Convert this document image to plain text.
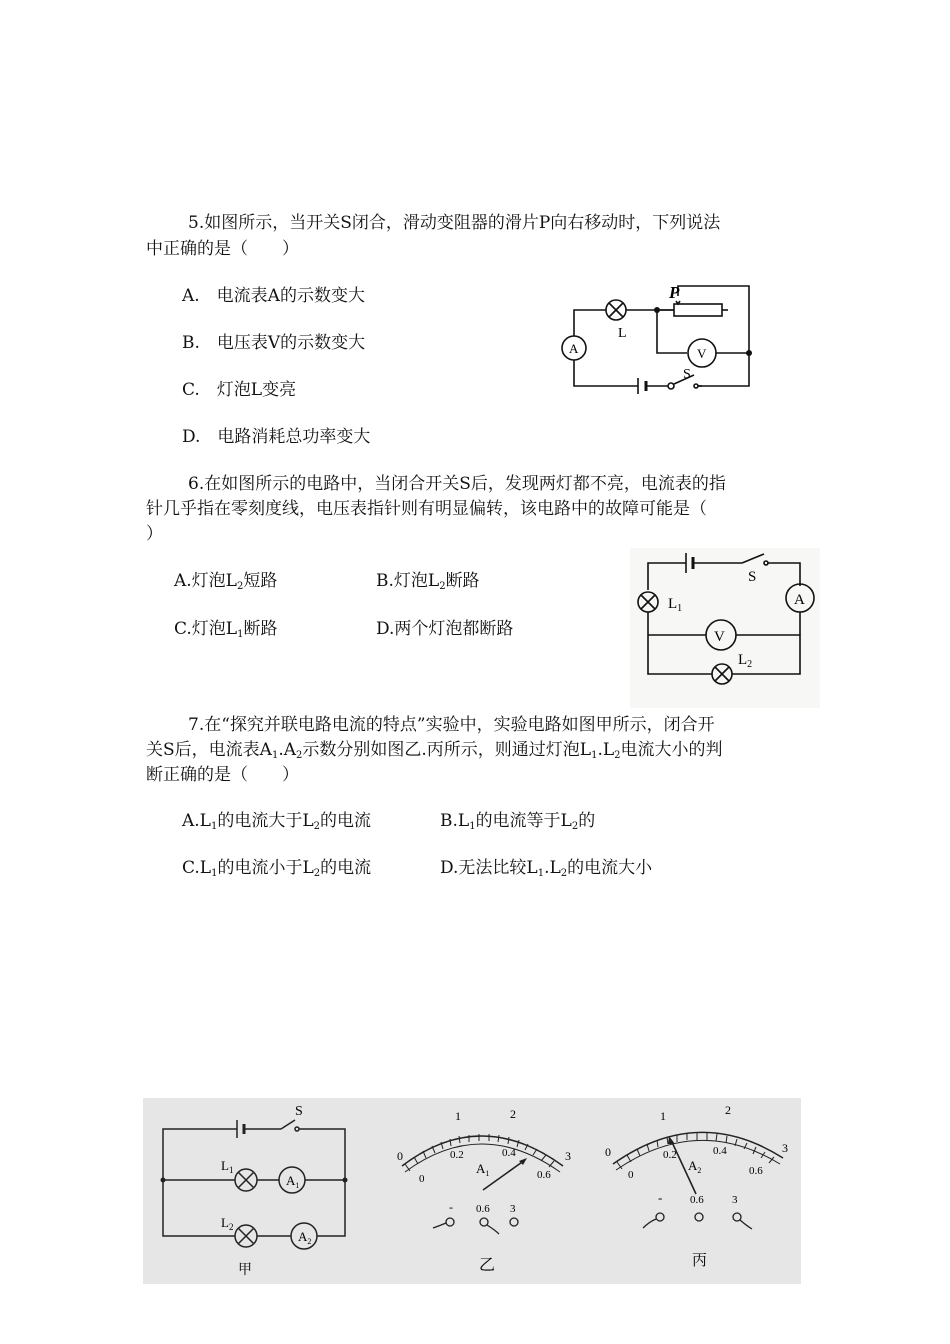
5.如图所示，当开关S闭合，滑动变阻器的滑片P向右移动时，下列说法
中正确的是（　　）
A.　电流表A的示数变大
B.　电压表V的示数变大
C.　灯泡L变亮
D.　电路消耗总功率变大
P
L
A	V
S
6.在如图所示的电路中，当闭合开关S后，发现两灯都不亮，电流表的指
针几乎指在零刻度线，电压表指针则有明显偏转，该电路中的故障可能是（
）
A.灯泡$L_2$短路	B.灯泡$L_2$断路
C.灯泡$L_1$断路	D.两个灯泡都断路
S
A
V
$L_1$
$L_2$
7.在“探究并联电路电流的特点”实验中，实验电路如图甲所示，闭合开
关S后，电流表$A_1.A_2$示数分别如图乙.丙所示，则通过灯泡$L_1.L_2$电流大小的判
断正确的是（　　）
$A.L_1$的电流大于$L_2$的电流	$B.L_1$的电流等于$L_2$的
$C.L_1$的电流小于$L_2$的电流	D.无法比较$L_1.L_2$的电流大小
S
$L_1$
$L_2$
$A_1$
$A_2$
甲
0
1	2
3
0
0.2	0.4
0.6
$A_1$
- 0.6 3
乙
0
1	2
3
0
0.2	0.4
0.6
$A_2$
-	0.6	3
丙
